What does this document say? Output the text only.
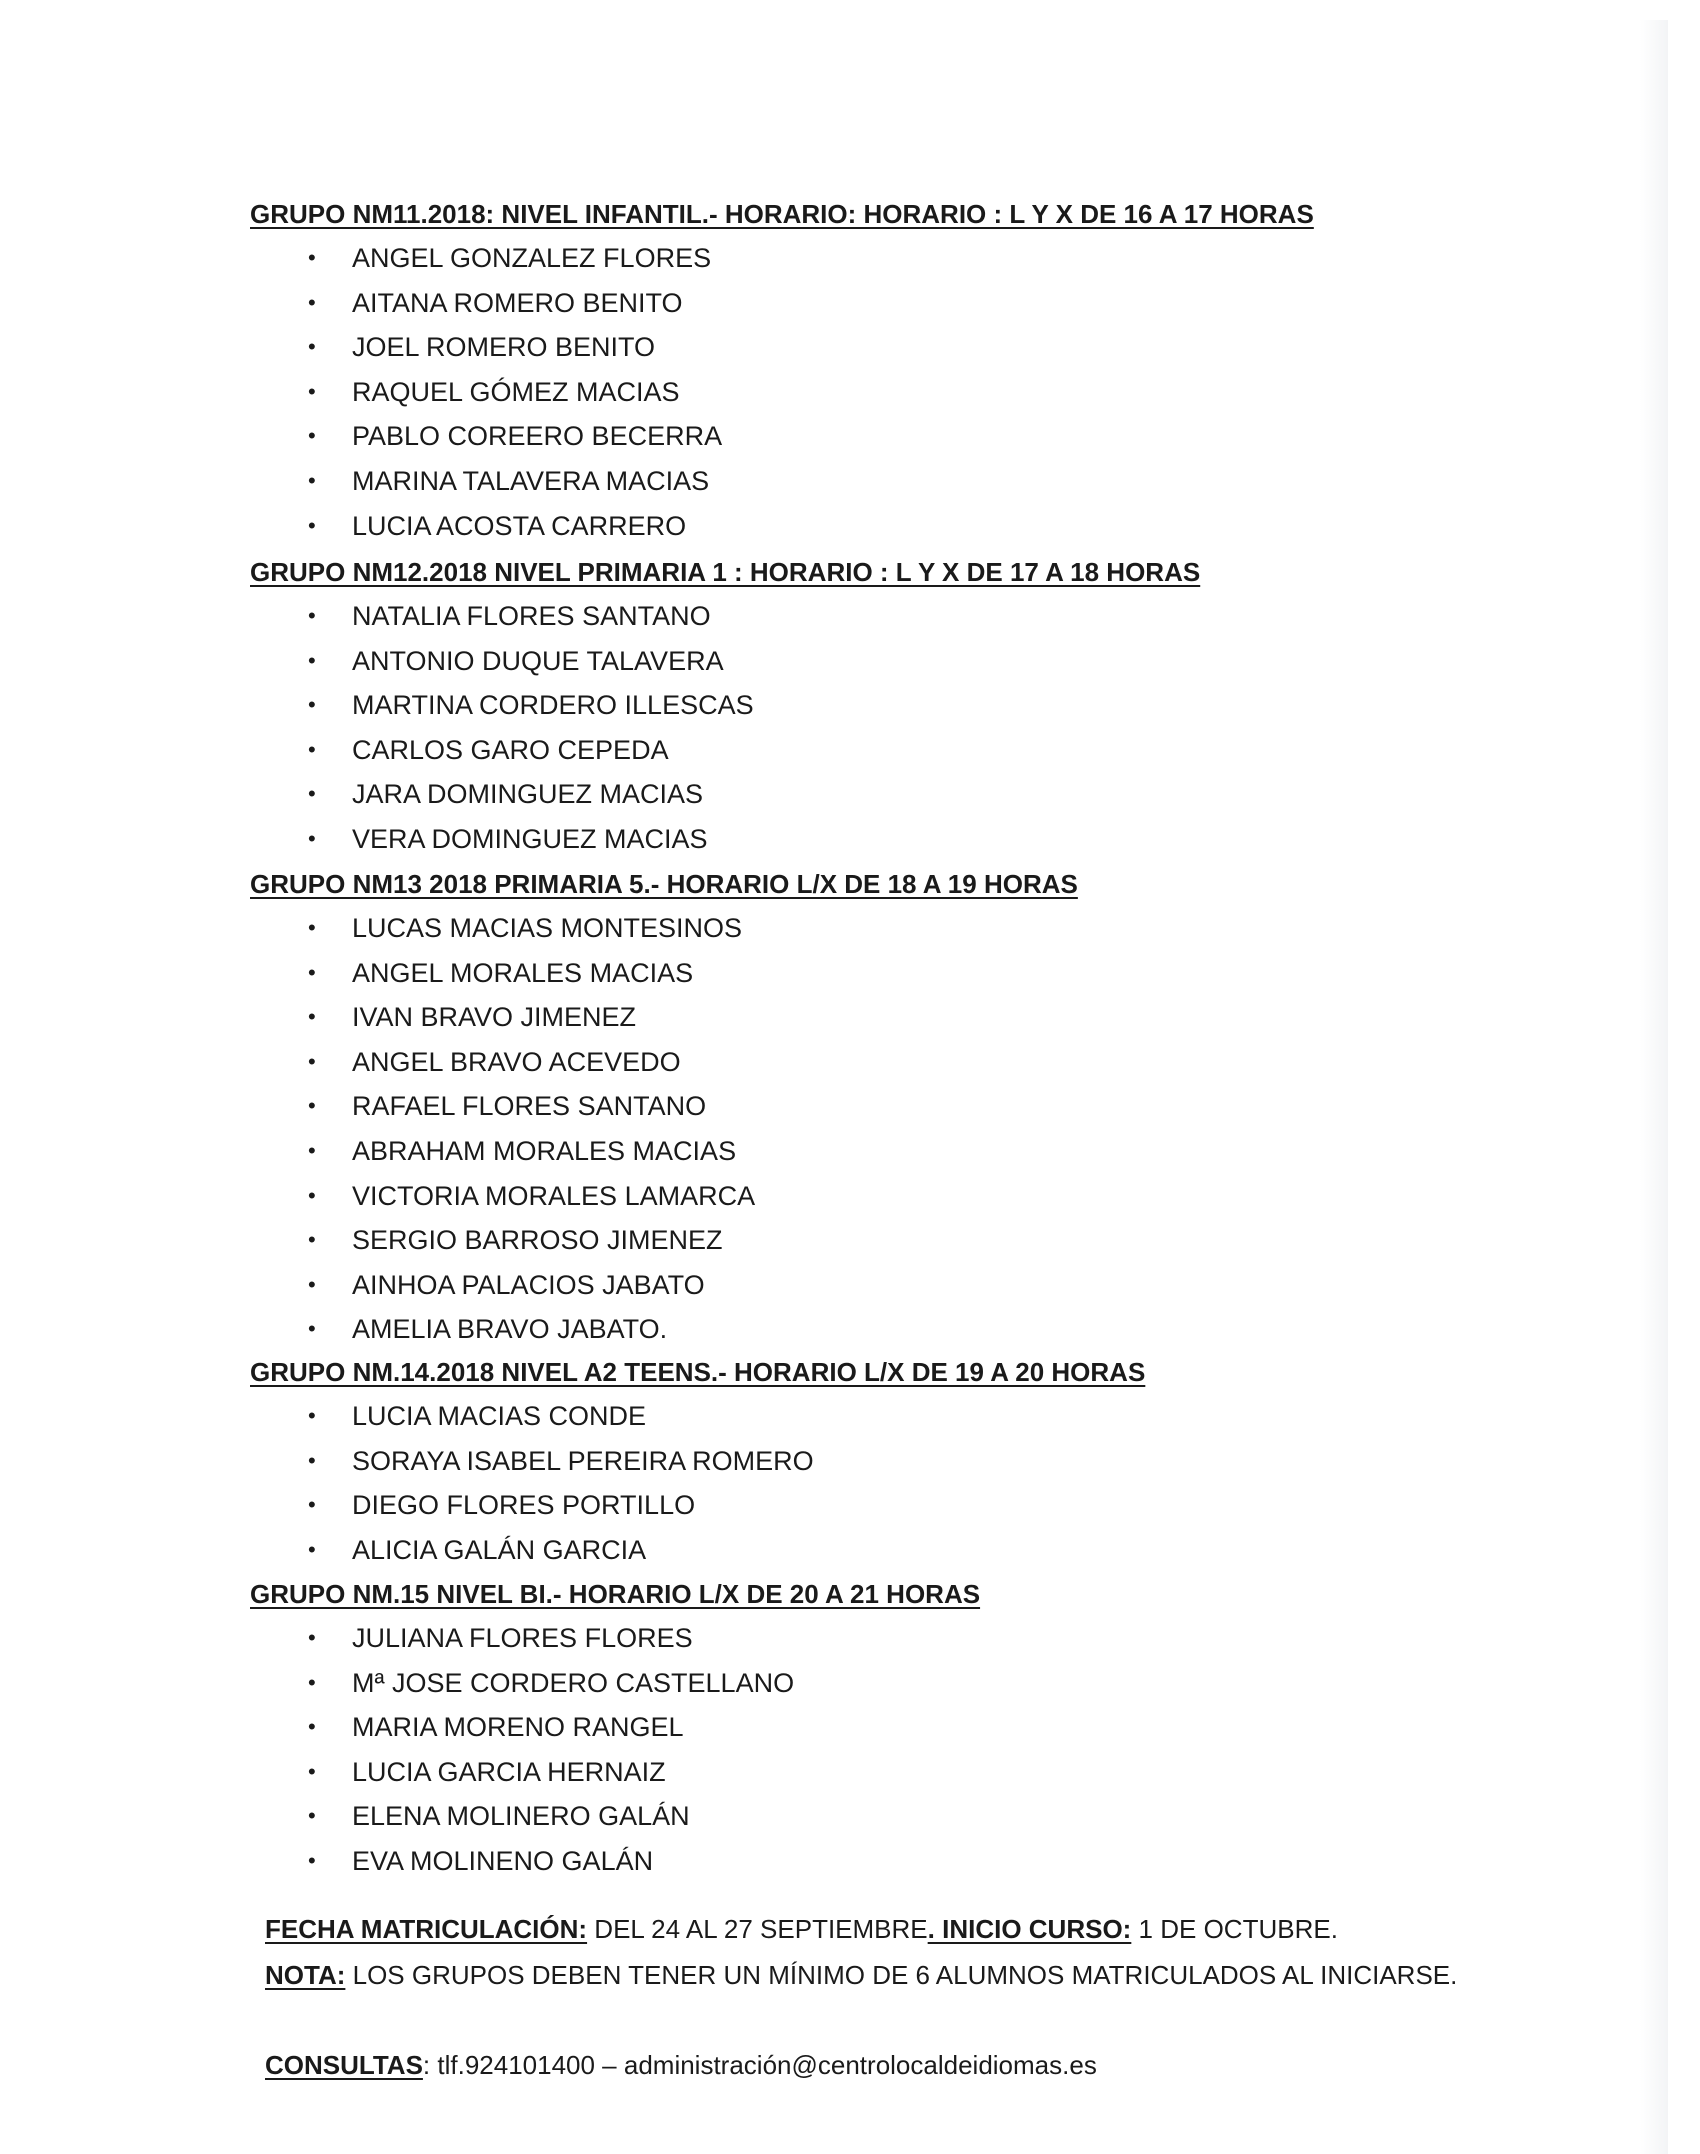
GRUPO NM11.2018: NIVEL INFANTIL.- HORARIO: HORARIO : L Y X DE 16 A 17 HORAS
• ANGEL GONZALEZ FLORES
• AITANA ROMERO BENITO
• JOEL ROMERO BENITO
• RAQUEL GÓMEZ MACIAS
• PABLO COREERO BECERRA
• MARINA TALAVERA MACIAS
• LUCIA ACOSTA CARRERO
GRUPO NM12.2018 NIVEL PRIMARIA 1 : HORARIO : L Y X DE 17 A 18 HORAS
• NATALIA FLORES SANTANO
• ANTONIO DUQUE TALAVERA
• MARTINA CORDERO ILLESCAS
• CARLOS GARO CEPEDA
• JARA DOMINGUEZ MACIAS
• VERA DOMINGUEZ MACIAS
GRUPO NM13 2018 PRIMARIA 5.- HORARIO L/X DE 18 A 19 HORAS
• LUCAS MACIAS MONTESINOS
• ANGEL MORALES MACIAS
• IVAN BRAVO JIMENEZ
• ANGEL BRAVO ACEVEDO
• RAFAEL FLORES SANTANO
• ABRAHAM MORALES MACIAS
• VICTORIA MORALES LAMARCA
• SERGIO BARROSO JIMENEZ
• AINHOA PALACIOS JABATO
• AMELIA BRAVO JABATO.
GRUPO NM.14.2018 NIVEL A2 TEENS.- HORARIO L/X DE 19 A 20 HORAS
• LUCIA MACIAS CONDE
• SORAYA ISABEL PEREIRA ROMERO
• DIEGO FLORES PORTILLO
• ALICIA GALÁN GARCIA
GRUPO NM.15 NIVEL BI.- HORARIO L/X DE 20 A 21 HORAS
• JULIANA FLORES FLORES
• Mª JOSE CORDERO CASTELLANO
• MARIA MORENO RANGEL
• LUCIA GARCIA HERNAIZ
• ELENA MOLINERO GALÁN
• EVA MOLINENO GALÁN
FECHA MATRICULACIÓN: DEL 24 AL 27 SEPTIEMBRE. INICIO CURSO: 1 DE OCTUBRE.
NOTA: LOS GRUPOS DEBEN TENER UN MÍNIMO DE 6 ALUMNOS MATRICULADOS AL INICIARSE.
CONSULTAS: tlf.924101400 – administración@centrolocaldeidiomas.es
